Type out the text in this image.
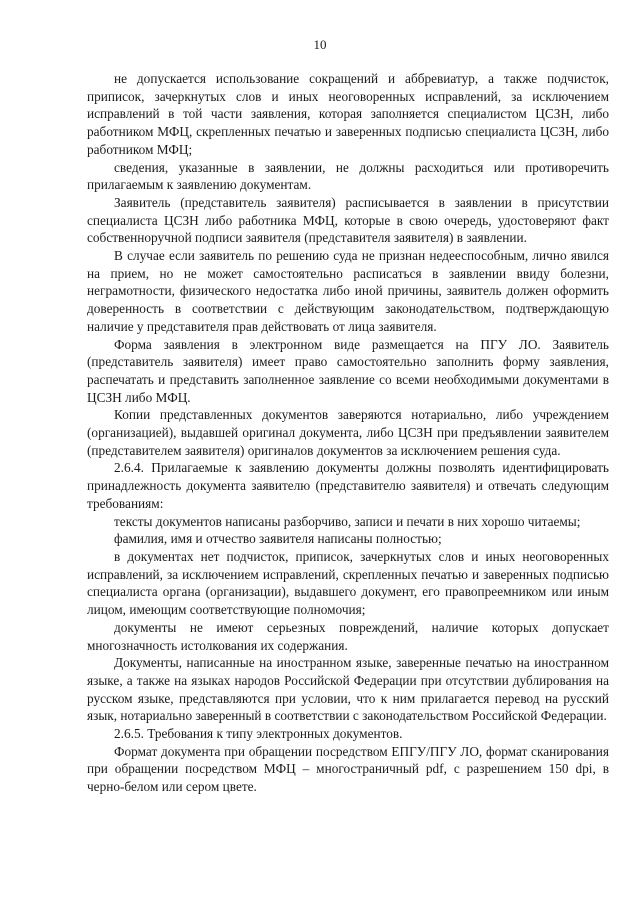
10

не допускается использование сокращений и аббревиатур, а также подчисток, приписок, зачеркнутых слов и иных неоговоренных исправлений, за исключением исправлений в той части заявления, которая заполняется специалистом ЦСЗН, либо работником МФЦ, скрепленных печатью и заверенных подписью специалиста ЦСЗН, либо работником МФЦ;

сведения, указанные в заявлении, не должны расходиться или противоречить прилагаемым к заявлению документам.

Заявитель (представитель заявителя) расписывается в заявлении в присутствии специалиста ЦСЗН либо работника МФЦ, которые в свою очередь, удостоверяют факт собственноручной подписи заявителя (представителя заявителя) в заявлении.

В случае если заявитель по решению суда не признан недееспособным, лично явился на прием, но не может самостоятельно расписаться в заявлении ввиду болезни, неграмотности, физического недостатка либо иной причины, заявитель должен оформить доверенность в соответствии с действующим законодательством, подтверждающую наличие у представителя прав действовать от лица заявителя.

Форма заявления в электронном виде размещается на ПГУ ЛО. Заявитель (представитель заявителя) имеет право самостоятельно заполнить форму заявления, распечатать и представить заполненное заявление со всеми необходимыми документами в ЦСЗН либо МФЦ.

Копии представленных документов заверяются нотариально, либо учреждением (организацией), выдавшей оригинал документа, либо ЦСЗН при предъявлении заявителем (представителем заявителя) оригиналов документов за исключением решения суда.

2.6.4. Прилагаемые к заявлению документы должны позволять идентифицировать принадлежность документа заявителю (представителю заявителя) и отвечать следующим требованиям:

тексты документов написаны разборчиво, записи и печати в них хорошо читаемы;

фамилия, имя и отчество заявителя написаны полностью;

в документах нет подчисток, приписок, зачеркнутых слов и иных неоговоренных исправлений, за исключением исправлений, скрепленных печатью и заверенных подписью специалиста органа (организации), выдавшего документ, его правопреемником или иным лицом, имеющим соответствующие полномочия;

документы не имеют серьезных повреждений, наличие которых допускает многозначность истолкования их содержания.

Документы, написанные на иностранном языке, заверенные печатью на иностранном языке, а также на языках народов Российской Федерации при отсутствии дублирования на русском языке, представляются при условии, что к ним прилагается перевод на русский язык, нотариально заверенный в соответствии с законодательством Российской Федерации.

2.6.5. Требования к типу электронных документов.

Формат документа при обращении посредством ЕПГУ/ПГУ ЛО, формат сканирования при обращении посредством МФЦ – многостраничный pdf, с разрешением 150 dpi, в черно-белом или сером цвете.
